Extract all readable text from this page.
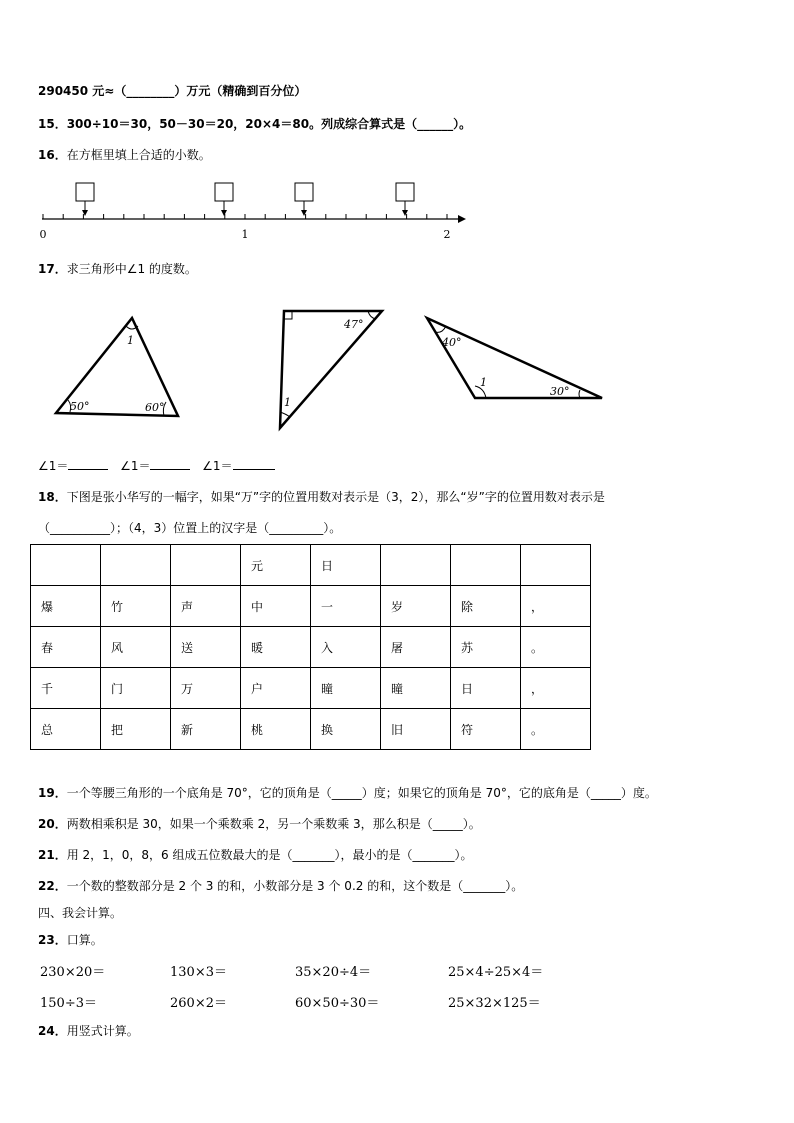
290450 元≈（________）万元（精确到百分位）
15．300÷10＝30，50－30＝20，20×4＝80。列成综合算式是（______）。
16．在方框里填上合适的小数。
0	1	2
17．求三角形中∠1 的度数。
1
50°	60°
47°
1
40°
1
30°
∠1＝	∠1＝	∠1＝
18．下图是张小华写的一幅字，如果“万”字的位置用数对表示是（3，2），那么“岁”字的位置用数对表示是
（__________）；（4，3）位置上的汉字是（_________）。
			元	日			
爆	竹	声	中	一	岁	除	，
春	风	送	暖	入	屠	苏	。
千	门	万	户	曈	曈	日	，
总	把	新	桃	换	旧	符	。
19．一个等腰三角形的一个底角是 70°，它的顶角是（_____）度；如果它的顶角是 70°，它的底角是（_____）度。
20．两数相乘积是 30，如果一个乘数乘 2，另一个乘数乘 3，那么积是（_____）。
21．用 2，1，0，8，6 组成五位数最大的是（_______），最小的是（_______）。
22．一个数的整数部分是 2 个 3 的和，小数部分是 3 个 0.2 的和，这个数是（_______）。
四、我会计算。
23．口算。
230×20＝	130×3＝	35×20÷4＝	25×4÷25×4＝
150÷3＝	260×2＝	60×50÷30＝	25×32×125＝
24．用竖式计算。
